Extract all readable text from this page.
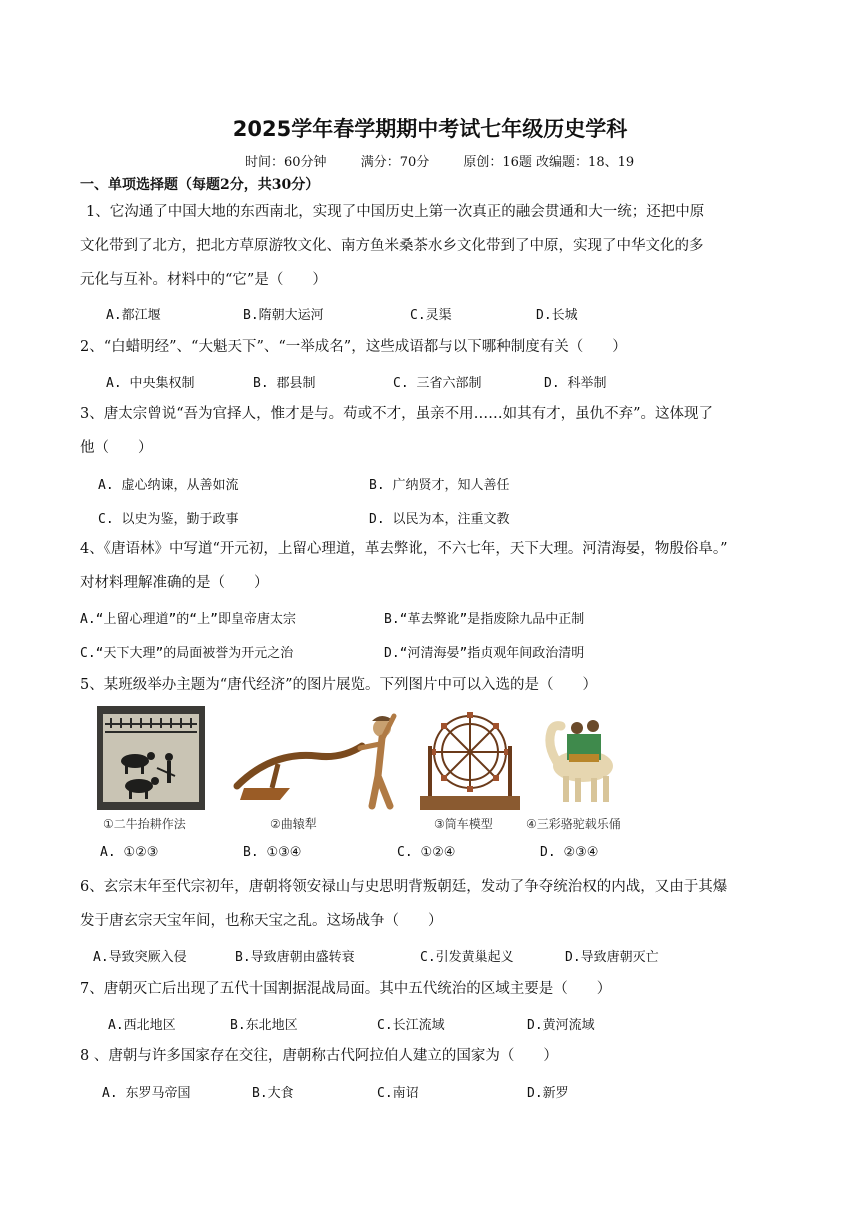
2025学年春学期期中考试七年级历史学科
时间：60分钟	满分：70分	原创：16题 改编题：18、19
一、单项选择题（每题2分，共30分）
1、它沟通了中国大地的东西南北，实现了中国历史上第一次真正的融会贯通和大一统；还把中原
文化带到了北方，把北方草原游牧文化、南方鱼米桑茶水乡文化带到了中原，实现了中华文化的多
元化与互补。材料中的“它”是（　　）
A.都江堰	B.隋朝大运河	C.灵渠	D.长城
2、“白蜡明经”、“大魁天下”、“一举成名”，这些成语都与以下哪种制度有关（　　）
A. 中央集权制	B. 郡县制	C. 三省六部制	D. 科举制
3、唐太宗曾说“吾为官择人，惟才是与。苟或不才，虽亲不用……如其有才，虽仇不弃”。这体现了
他（　　）
A. 虚心纳谏，从善如流	B. 广纳贤才，知人善任
C. 以史为鉴，勤于政事	D. 以民为本，注重文教
4、《唐语林》中写道“开元初，上留心理道，革去弊讹，不六七年，天下大理。河清海晏，物殷俗阜。”
对材料理解准确的是（　　）
A.“上留心理道”的“上”即皇帝唐太宗	B.“革去弊讹”是指废除九品中正制
C.“天下大理”的局面被誉为开元之治	D.“河清海晏”指贞观年间政治清明
5、某班级举办主题为“唐代经济”的图片展览。下列图片中可以入选的是（　　）
①二牛抬耕作法	②曲辕犁	③筒车模型	④三彩骆驼载乐俑
A. ①②③	B. ①③④	C. ①②④	D. ②③④
6、玄宗末年至代宗初年，唐朝将领安禄山与史思明背叛朝廷，发动了争夺统治权的内战，又由于其爆
发于唐玄宗天宝年间，也称天宝之乱。这场战争（　　）
A.导致突厥入侵	B.导致唐朝由盛转衰	C.引发黄巢起义	D.导致唐朝灭亡
7、唐朝灭亡后出现了五代十国割据混战局面。其中五代统治的区域主要是（　　）
A.西北地区	B.东北地区	C.长江流域	D.黄河流域
8 、唐朝与许多国家存在交往，唐朝称古代阿拉伯人建立的国家为（　　）
A. 东罗马帝国	B.大食	C.南诏	D.新罗
